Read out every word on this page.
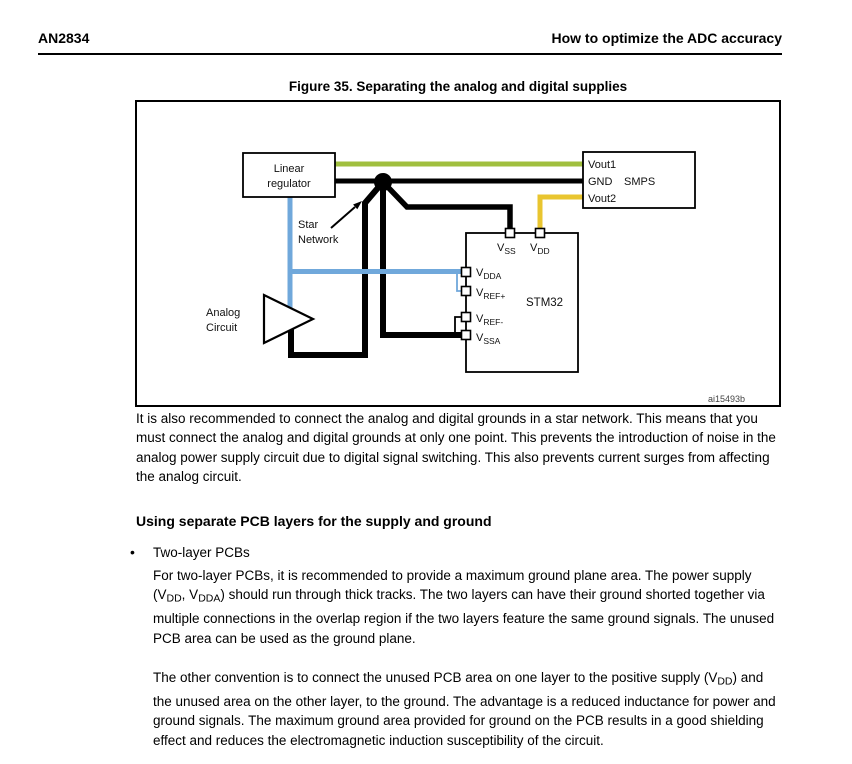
AN2834	How to optimize the ADC accuracy
Figure 35. Separating the analog and digital supplies
Linear
regulator
Vout1
GND SMPS
Vout2
$V_{SS}$ $V_{DD}$
$V_{DDA}$
$V_{REF+}$
$V_{REF-}$
$V_{SSA}$
STM32
Star
Network
Analog
Circuit
ai15493b
It is also recommended to connect the analog and digital grounds in a star network. This means that you must connect the analog and digital grounds at only one point. This prevents the introduction of noise in the analog power supply circuit due to digital signal switching. This also prevents current surges from affecting the analog circuit.
Using separate PCB layers for the supply and ground
• Two-layer PCBs
For two-layer PCBs, it is recommended to provide a maximum ground plane area. The power supply ($V_{DD}$, $V_{DDA}$) should run through thick tracks. The two layers can have their ground shorted together via multiple connections in the overlap region if the two layers feature the same ground signals. The unused PCB area can be used as the ground plane.
The other convention is to connect the unused PCB area on one layer to the positive supply $(V_{DD})$ and the unused area on the other layer, to the ground. The advantage is a reduced inductance for power and ground signals. The maximum ground area provided for ground on the PCB results in a good shielding effect and reduces the electromagnetic induction susceptibility of the circuit.
